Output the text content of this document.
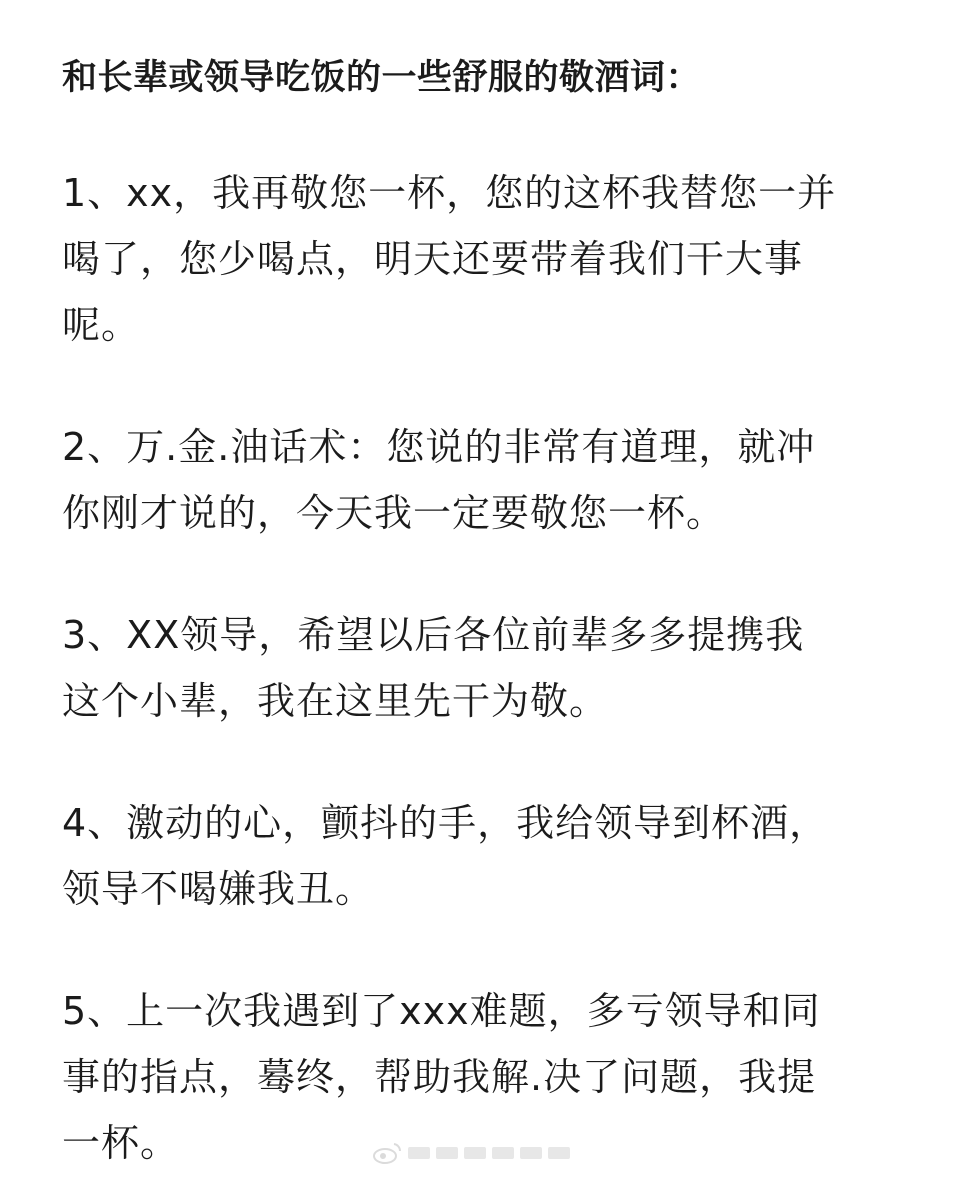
和长辈或领导吃饭的一些舒服的敬酒词：
1、xx，我再敬您一杯，您的这杯我替您一并
喝了，您少喝点，明天还要带着我们干大事
呢。
2、万.金.油话术：您说的非常有道理，就冲
你刚才说的，今天我一定要敬您一杯。
3、XX领导，希望以后各位前辈多多提携我
这个小辈，我在这里先干为敬。
4、激动的心，颤抖的手，我给领导到杯酒，
领导不喝嫌我丑。
5、上一次我遇到了xxx难题，多亏领导和同
事的指点，蓦终，帮助我解.决了问题，我提
一杯。
